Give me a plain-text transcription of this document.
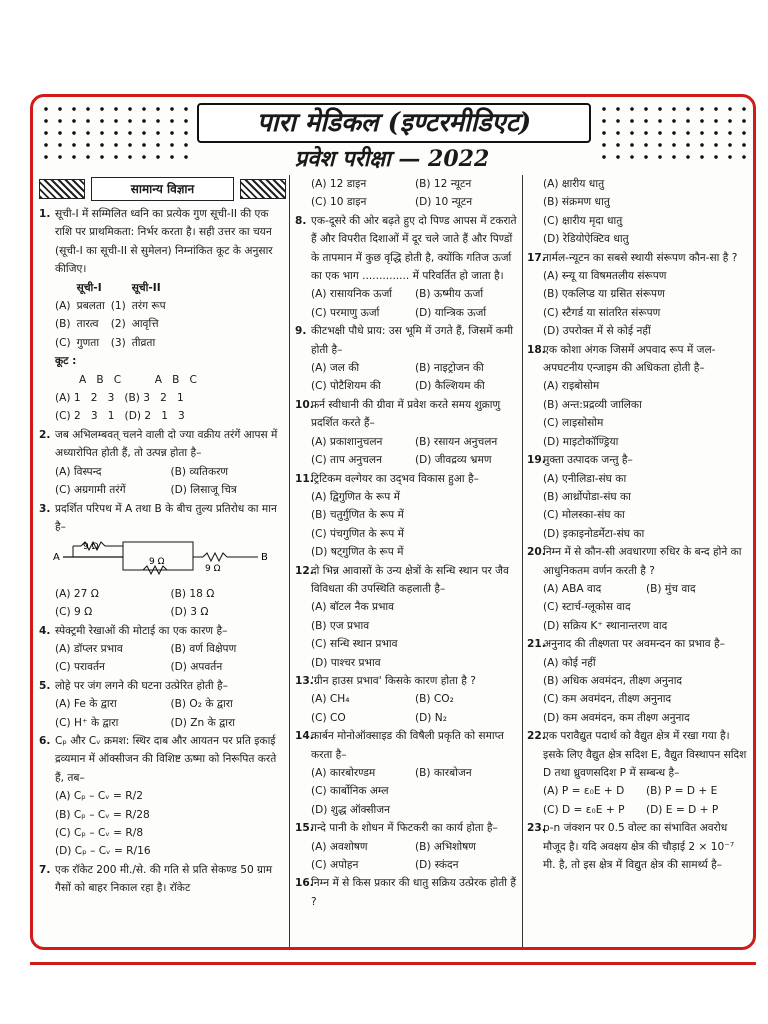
पारा मेडिकल (इण्टरमीडिएट)
प्रवेश परीक्षा — 2022
सामान्य विज्ञान
1. सूची-I में सम्मिलित ध्वनि का प्रत्येक गुण सूची-II की एक राशि पर प्राथमिकता: निर्भर करता है। सही उत्तर का चयन (सूची-I का सूची-II से सुमेलन) निम्नांकित कूट के अनुसार कीजिए।
	सूची-I		सूची-II
(A)	प्रबलता	(1)	तरंग रूप
(B)	तारत्व	(2)	आवृत्ति
(C)	गुणता	(3)	तीव्रता
कूट :
A   B   C          A   B   C
(A) 1   2   3   (B) 3   2   1
(C) 2   3   1   (D) 2   1   3
2. जब अभिलम्बवत् चलने वाली दो ज्या वक्रीय तरंगें आपस में अध्यारोपित होती हैं, तो उत्पन्न होता है–
(A) विस्पन्द	(B) व्यतिकरण
(C) अग्रगामी तरंगें	(D) लिसाजू चित्र
3. प्रदर्शित परिपथ में A तथा B के बीच तुल्य प्रतिरोध का मान है–
A	B
9 Ω
9 Ω
9 Ω
(A) 27 Ω	(B) 18 Ω
(C) 9 Ω	(D) 3 Ω
4. स्पेक्ट्रमी रेखाओं की मोटाई का एक कारण है–
(A) डॉप्लर प्रभाव	(B) वर्ण विक्षेपण
(C) परावर्तन	(D) अपवर्तन
5. लोहे पर जंग लगने की घटना उत्प्रेरित होती है–
(A) Fe के द्वारा	(B) O₂ के द्वारा
(C) H⁺ के द्वारा	(D) Zn के द्वारा
6. Cₚ और Cᵥ क्रमश: स्थिर दाब और आयतन पर प्रति इकाई द्रव्यमान में ऑक्सीजन की विशिष्ट ऊष्मा को निरूपित करते हैं, तब–
(A) Cₚ – Cᵥ = R/2
(B) Cₚ – Cᵥ = R/28
(C) Cₚ – Cᵥ = R/8
(D) Cₚ – Cᵥ = R/16
7. एक रॉकेट 200 मी./से. की गति से प्रति सेकण्ड 50 ग्राम गैसों को बाहर निकाल रहा है। रॉकेट
(A) 12 डाइन	(B) 12 न्यूटन
(C) 10 डाइन	(D) 10 न्यूटन
8. एक-दूसरे की ओर बढ़ते हुए दो पिण्ड आपस में टकराते हैं और विपरीत दिशाओं में दूर चले जाते हैं और पिण्डों के तापमान में कुछ वृद्धि होती है, क्योंकि गतिज ऊर्जा का एक भाग .............. में परिवर्तित हो जाता है।
(A) रासायनिक ऊर्जा	(B) ऊष्मीय ऊर्जा
(C) परमाणु ऊर्जा	(D) यान्त्रिक ऊर्जा
9. कीटभक्षी पौधे प्राय: उस भूमि में उगते हैं, जिसमें कमी होती है–
(A) जल की	(B) नाइट्रोजन की
(C) पोटैशियम की	(D) कैल्शियम की
10.
फर्न स्वीधानी की ग्रीवा में प्रवेश करते समय शुक्राणु प्रदर्शित करते हैं–
(A) प्रकाशानुचलन	(B) रसायन अनुचलन
(C) ताप अनुचलन	(D) जीवद्रव्य भ्रमण
11.
ट्रिटिकम वल्गेयर का उद्‌भव विकास हुआ है–
(A) द्विगुणित के रूप में
(B) चतुर्गुणित के रूप में
(C) पंचगुणित के रूप में
(D) षट्गुणित के रूप में
12.
दो भिन्न आवासों के उन्य क्षेत्रों के सन्धि स्थान पर जैव विविधता की उपस्थिति कहलाती है–
(A) बॉटल नैक प्रभाव
(B) एज प्रभाव
(C) सन्धि स्थान प्रभाव
(D) पाश्चर प्रभाव
13.
'ग्रीन हाउस प्रभाव' किसके कारण होता है ?
(A) CH₄	(B) CO₂
(C) CO	(D) N₂
14.
कार्बन मोनोऑक्साइड की विषैली प्रकृति को समाप्त करता है–
(A) कारबोरण्डम	(B) कारबोजन
(C) कार्बोनिक अम्ल
(D) शुद्ध ऑक्सीजन
15.
गन्दे पानी के शोधन में फिटकरी का कार्य होता है–
(A) अवशोषण	(B) अभिशोषण
(C) अपोहन	(D) स्कंदन
16.
निम्न में से किस प्रकार की धातु सक्रिय उत्प्रेरक होती हैं ?
(A) क्षारीय धातु
(B) संक्रमण धातु
(C) क्षारीय मृदा धातु
(D) रेडियोऐक्टिव धातु
17.
नार्मल-न्यूटन का सबसे स्थायी संरूपण कौन-सा है ?
(A) स्न्यू या विषमतलीय संरूपण
(B) एकलिप्ड या ग्रसित संरूपण
(C) स्टैगर्ड या सांतरित संरूपण
(D) उपरोक्त में से कोई नहीं
18.
एक कोशा अंगक जिसमें अपवाद रूप में जल-अपघटनीय एन्जाइम की अधिकता होती है–
(A) राइबोसोम
(B) अन्त:प्रद्रव्यी जालिका
(C) लाइसोसोम
(D) माइटोकॉण्ड्रिया
19.
मुक्ता उत्पादक जन्तु है–
(A) एनीलिडा-संघ का
(B) आर्थ्रोपोडा-संघ का
(C) मोलस्का-संघ का
(D) इकाइनोडर्मेटा-संघ का
20.
निम्न में से कौन-सी अवधारणा रुधिर के बन्द होने का आधुनिकतम वर्णन करती है ?
(A) ABA वाद	(B) मुंच वाद
(C) स्टार्च-ग्लूकोस वाद
(D) सक्रिय K⁺ स्थानान्तरण वाद
21.
अनुनाद की तीक्ष्णता पर अवमन्दन का प्रभाव है–
(A) कोई नहीं
(B) अधिक अवमंदन, तीक्ष्ण अनुनाद
(C) कम अवमंदन, तीक्ष्ण अनुनाद
(D) कम अवमंदन, कम तीक्ष्ण अनुनाद
22.
एक परावैद्युत पदार्थ को वैद्युत क्षेत्र में रखा गया है। इसके लिए वैद्युत क्षेत्र सदिश E, वैद्युत विस्थापन सदिश D तथा ध्रुवणसदिश P में सम्बन्ध है–
(A) P = ε₀E + D	(B) P = D + E
(C) D = ε₀E + P	(D) E = D + P
23.
p-n जंक्शन पर 0.5 वोल्ट का संभावित अवरोध मौजूद है। यदि अवक्षय क्षेत्र की चौड़ाई 2 × 10⁻⁷ मी. है, तो इस क्षेत्र में विद्युत क्षेत्र की सामर्थ्य है–
